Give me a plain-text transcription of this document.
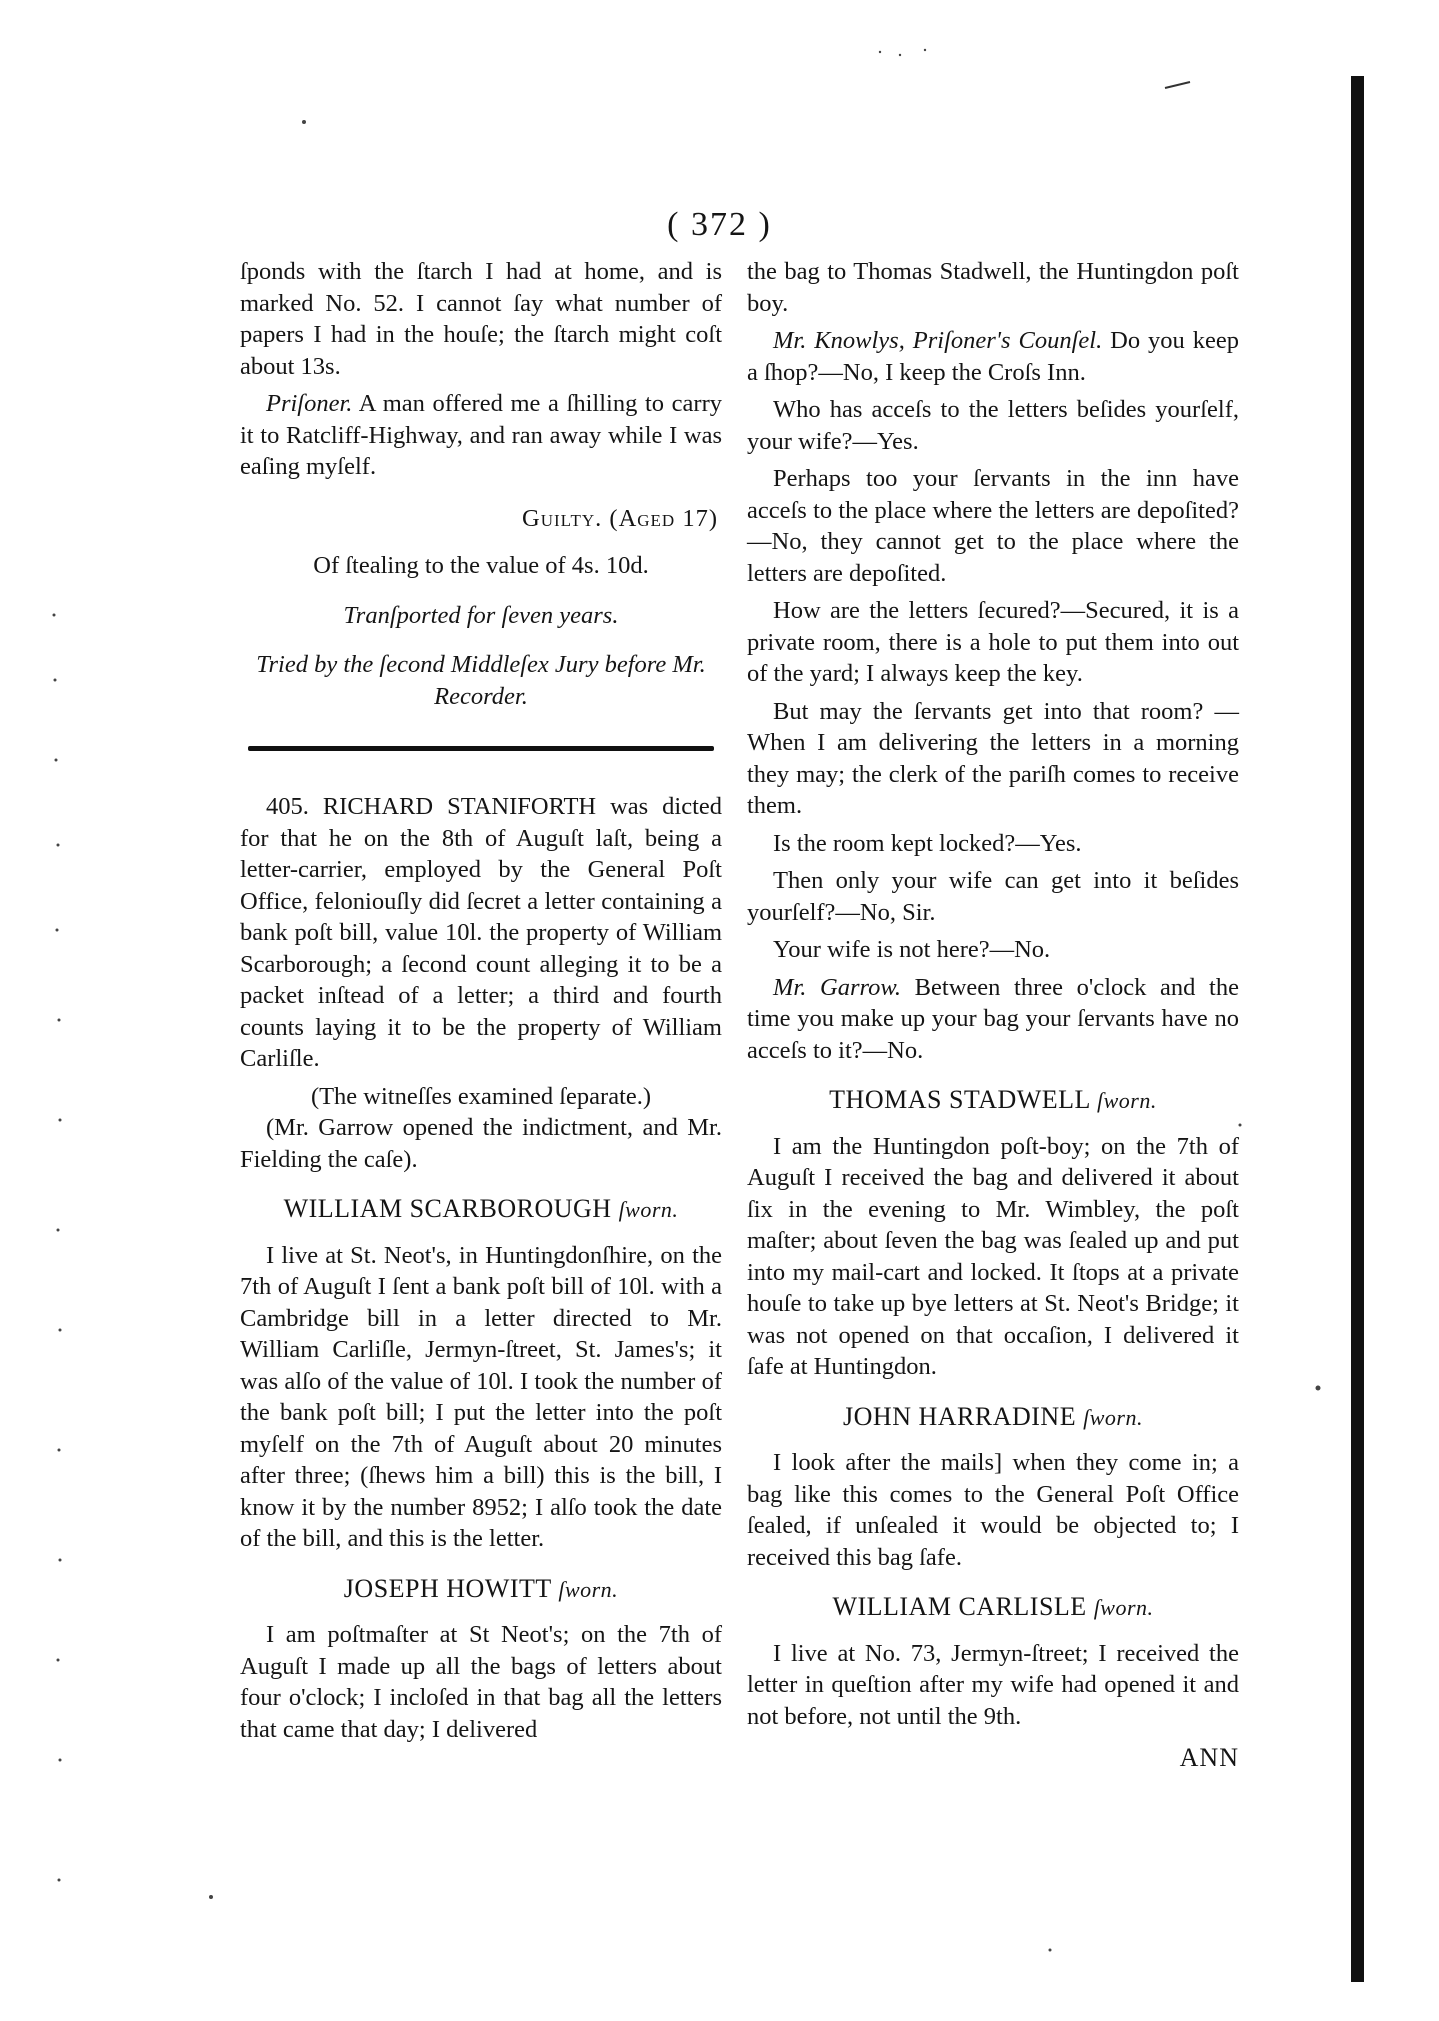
( 372 )

ſponds with the ſtarch I had at home, and is marked No. 52. I cannot ſay what number of papers I had in the houſe; the ſtarch might coſt about 13s.

Priſoner. A man offered me a ſhilling to carry it to Ratcliff-Highway, and ran away while I was eaſing myſelf.

Guilty. (Aged 17)
Of ſtealing to the value of 4s. 10d.
Tranſported for ſeven years.
Tried by the ſecond Middleſex Jury before Mr. Recorder.

405. RICHARD STANIFORTH was dicted for that he on the 8th of Auguſt laſt, being a letter-carrier, employed by the General Poſt Office, feloniouſly did ſecret a letter containing a bank poſt bill, value 10l. the property of William Scarborough; a ſecond count alleging it to be a packet inſtead of a letter; a third and fourth counts laying it to be the property of William Carliſle.

(The witneſſes examined ſeparate.)

(Mr. Garrow opened the indictment, and Mr. Fielding the caſe).

WILLIAM SCARBOROUGH ſworn.

I live at St. Neot's, in Huntingdonſhire, on the 7th of Auguſt I ſent a bank poſt bill of 10l. with a Cambridge bill in a letter directed to Mr. William Carliſle, Jermyn-ſtreet, St. James's; it was alſo of the value of 10l. I took the number of the bank poſt bill; I put the letter into the poſt myſelf on the 7th of Auguſt about 20 minutes after three; (ſhews him a bill) this is the bill, I know it by the number 8952; I alſo took the date of the bill, and this is the letter.

JOSEPH HOWITT ſworn.

I am poſtmaſter at St Neot's; on the 7th of Auguſt I made up all the bags of letters about four o'clock; I incloſed in that bag all the letters that came that day; I delivered

the bag to Thomas Stadwell, the Huntingdon poſt boy.

Mr. Knowlys, Priſoner's Counſel. Do you keep a ſhop?—No, I keep the Croſs Inn.

Who has acceſs to the letters beſides yourſelf, your wife?—Yes.

Perhaps too your ſervants in the inn have acceſs to the place where the letters are depoſited?—No, they cannot get to the place where the letters are depoſited.

How are the letters ſecured?—Secured, it is a private room, there is a hole to put them into out of the yard; I always keep the key.

But may the ſervants get into that room? —When I am delivering the letters in a morning they may; the clerk of the pariſh comes to receive them.

Is the room kept locked?—Yes.

Then only your wife can get into it beſides yourſelf?—No, Sir.

Your wife is not here?—No.

Mr. Garrow. Between three o'clock and the time you make up your bag your ſervants have no acceſs to it?—No.

THOMAS STADWELL ſworn.

I am the Huntingdon poſt-boy; on the 7th of Auguſt I received the bag and delivered it about ſix in the evening to Mr. Wimbley, the poſt maſter; about ſeven the bag was ſealed up and put into my mail-cart and locked. It ſtops at a private houſe to take up bye letters at St. Neot's Bridge; it was not opened on that occaſion, I delivered it ſafe at Huntingdon.

JOHN HARRADINE ſworn.

I look after the mails] when they come in; a bag like this comes to the General Poſt Office ſealed, if unſealed it would be objected to; I received this bag ſafe.

WILLIAM CARLISLE ſworn.

I live at No. 73, Jermyn-ſtreet; I received the letter in queſtion after my wife had opened it and not before, not until the 9th.

ANN
